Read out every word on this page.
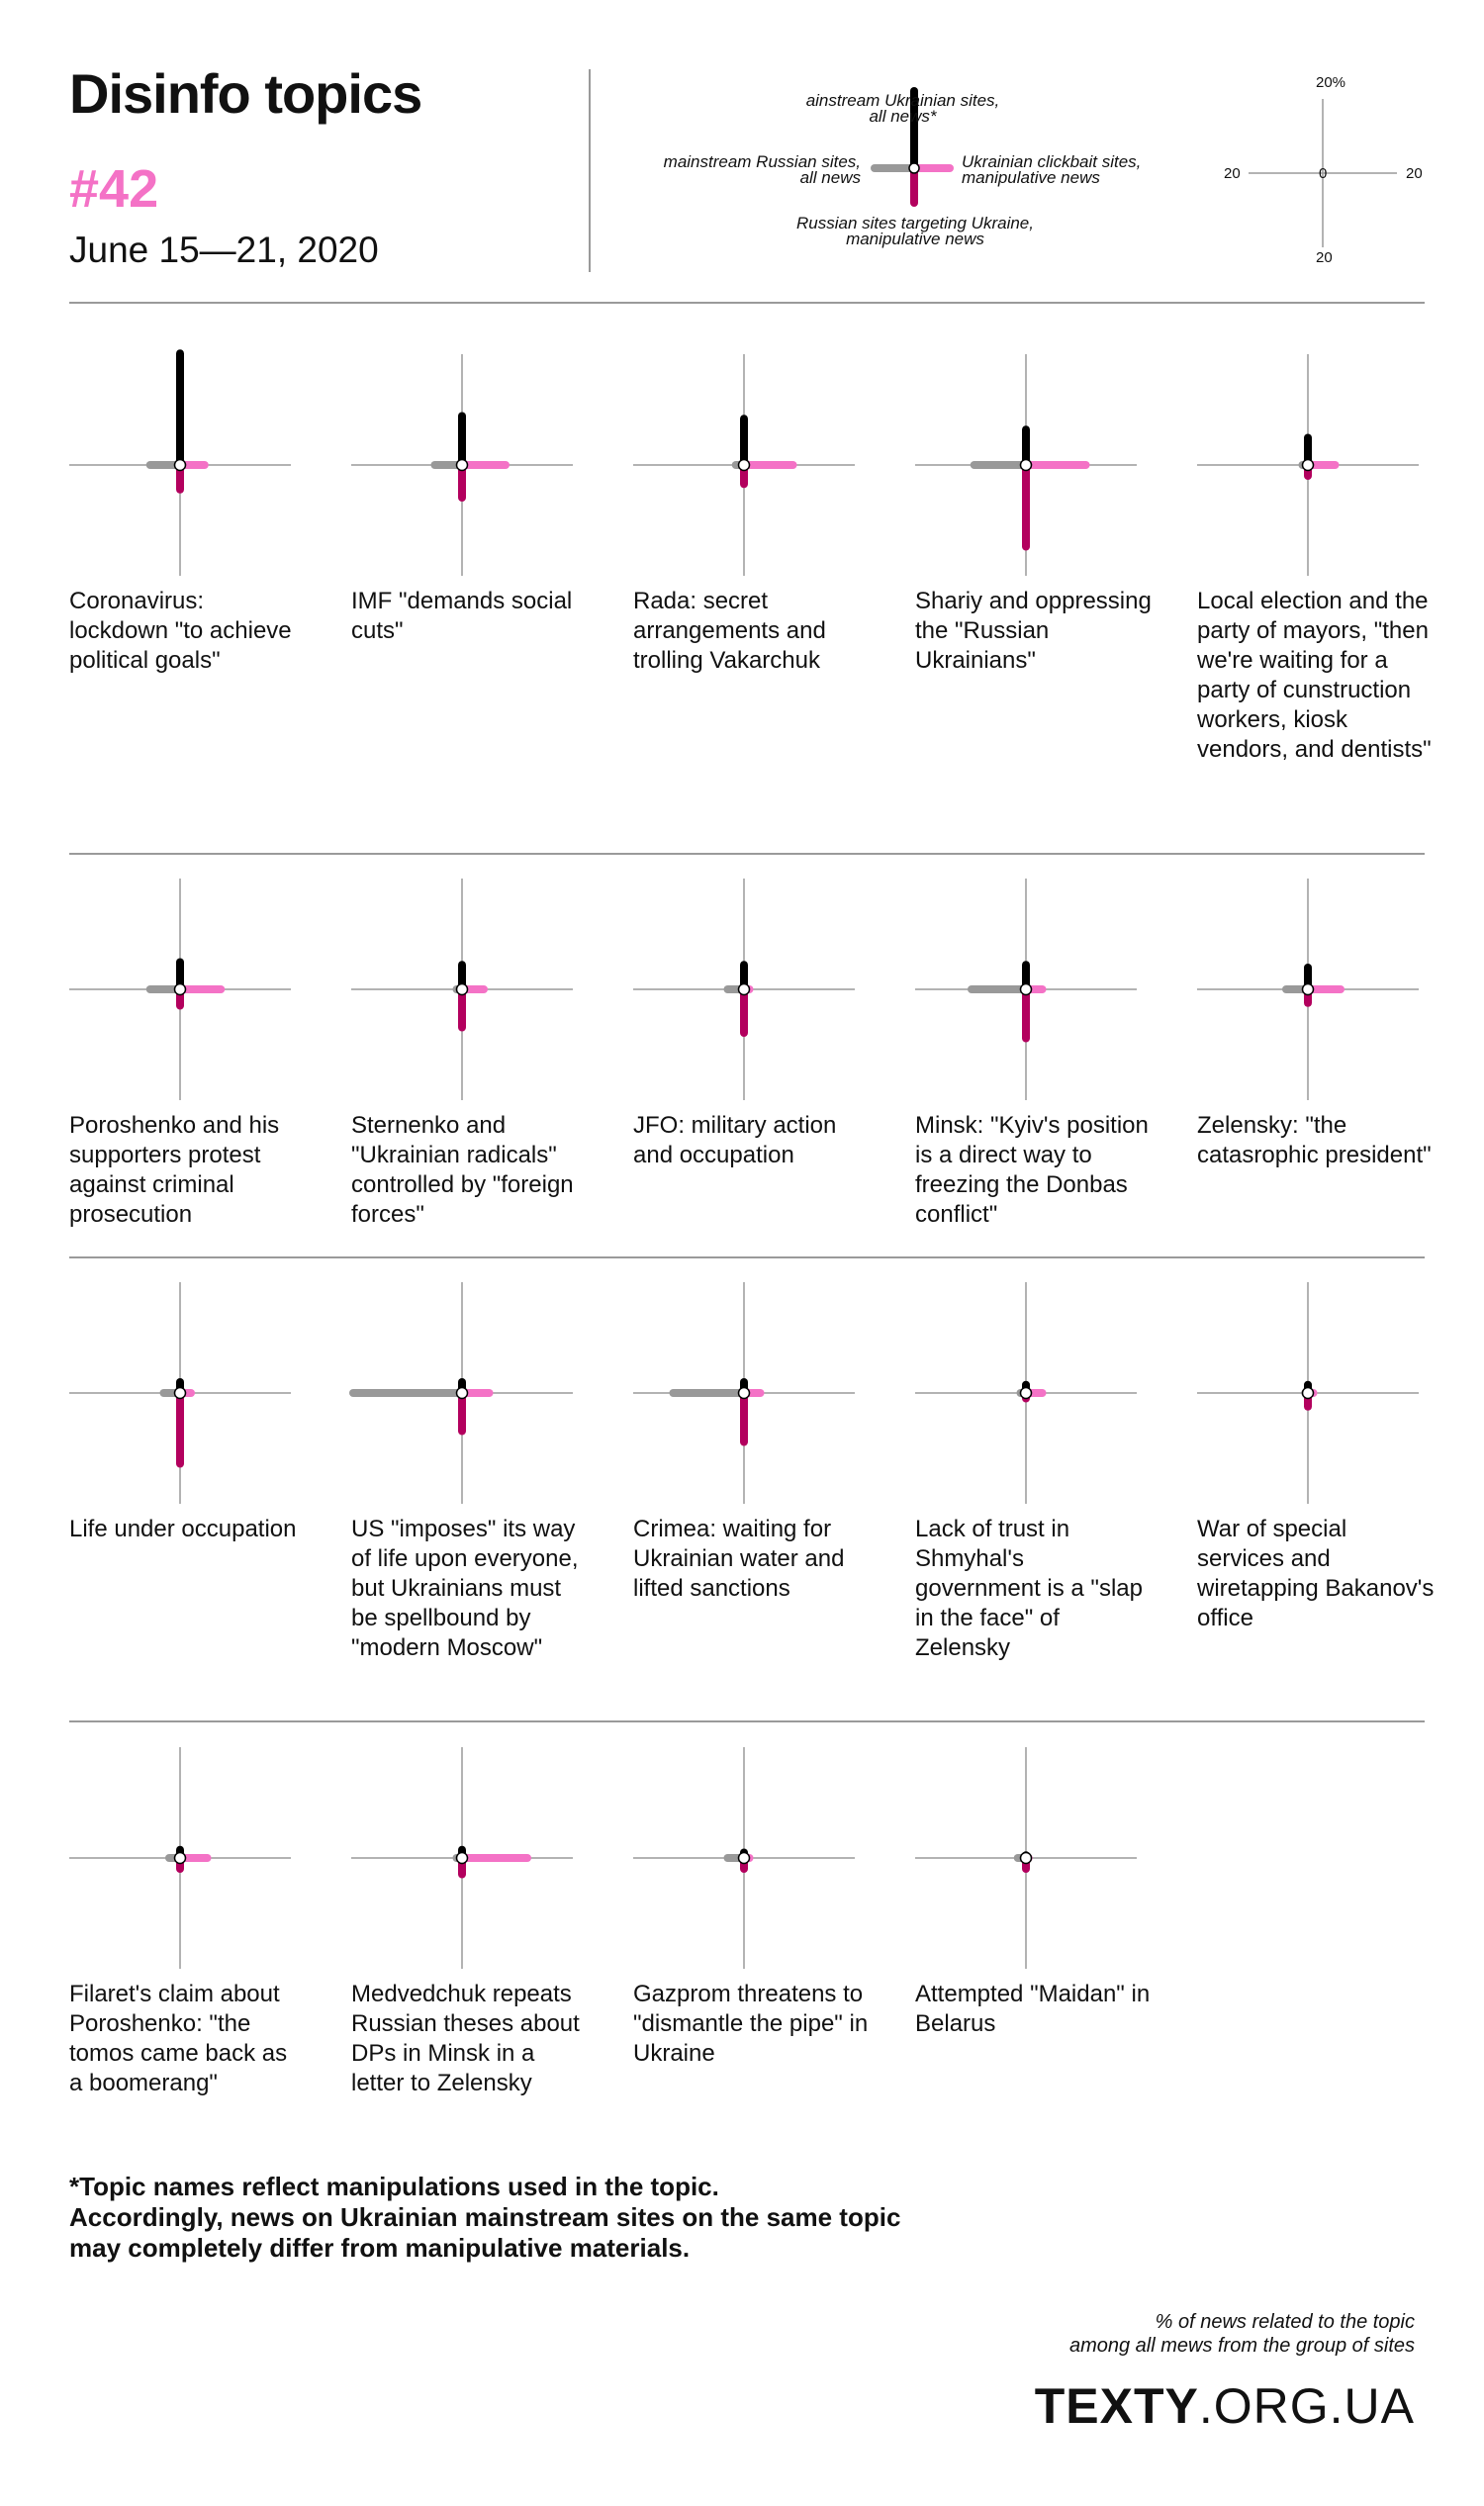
Disinfo topics
#42
June 15—21, 2020
ainstream Ukrainian sites,
all news*
mainstream Russian sites,
all news
Ukrainian clickbait sites,
manipulative news
Russian sites targeting Ukraine,
manipulative news
20%
20	0	20
20
Coronavirus: lockdown "to achieve political goals"
IMF "demands social cuts"
Rada: secret arrangements and trolling Vakarchuk
Shariy and oppressing the "Russian Ukrainians"
Local election and the party of mayors, "then we're waiting for a party of cunstruction workers, kiosk vendors, and dentists"
Poroshenko and his supporters protest against criminal prosecution
Sternenko and "Ukrainian radicals" controlled by "foreign forces"
JFO: military action and occupation
Minsk: "Kyiv's position is a direct way to freezing the Donbas conflict"
Zelensky: "the catasrophic president"
Life under occupation	US "imposes" its way of life upon everyone, but Ukrainians must be spellbound by "modern Moscow"
Crimea: waiting for Ukrainian water and lifted sanctions
Lack of trust in Shmyhal's government is a "slap in the face" of Zelensky
War of special services and wiretapping Bakanov's office
Filaret's claim about Poroshenko: "the tomos came back as a boomerang"
Medvedchuk repeats Russian theses about DPs in Minsk in a letter to Zelensky
Gazprom threatens to "dismantle the pipe" in Ukraine
Attempted "Maidan" in Belarus
*Topic names reflect manipulations used in the topic.
Accordingly, news on Ukrainian mainstream sites on the same topic
may completely differ from manipulative materials.
% of news related to the topic
among all mews from the group of sites
TEXTY.ORG.UA
